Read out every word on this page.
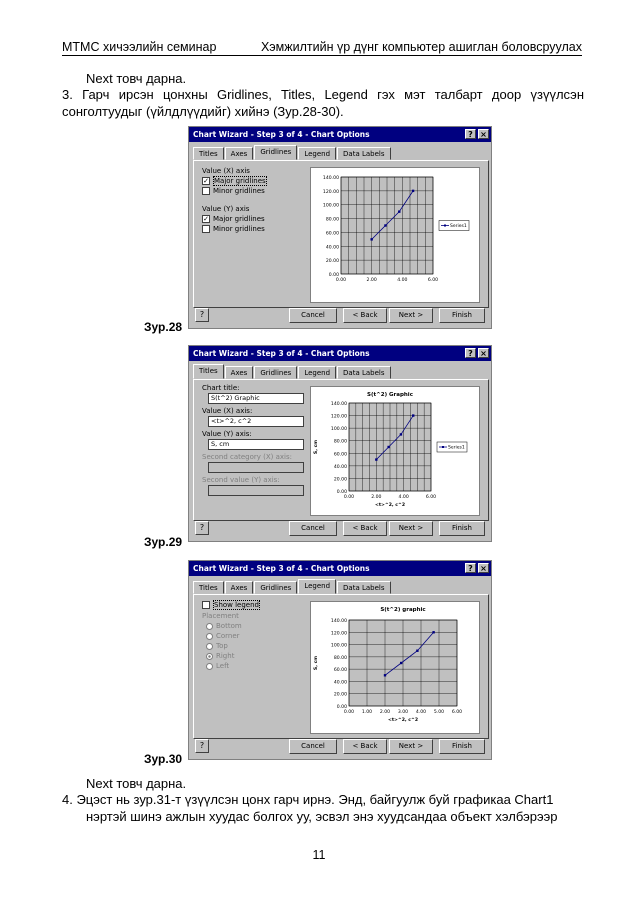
МТМС хичээлийн семинар	Хэмжилтийн үр дүнг компьютер ашиглан боловсруулах
Next товч дарна.
3. Гарч ирсэн цонхны Gridlines, Titles, Legend гэх мэт талбарт доор үзүүлсэн сонголтуудыг (үйлдлүүдийг) хийнэ (Зур.28-30).
Chart Wizard - Step 3 of 4 - Chart Options	? ×
Titles	Axes	Gridlines	Legend	Data Labels
Value (X) axis
✓ Major gridlines
Minor gridlines
Value (Y) axis
✓ Major gridlines
Minor gridlines
0.00
20.00
40.00
60.00
80.00
100.00
120.00
140.00
0.00	2.00	4.00	6.00
Series1
?	Cancel	< Back	Next >	Finish
Зур.28
Chart Wizard - Step 3 of 4 - Chart Options	? ×
Titles	Axes	Gridlines	Legend	Data Labels
Chart title:
S(t^2) Graphic
Value (X) axis:
<t>^2, c^2
Value (Y) axis:
S, cm
Second category (X) axis:
Second value (Y) axis:
0.00
20.00
40.00
60.00
80.00
100.00
120.00
140.00
0.00	2.00	4.00	6.00
S(t^2) Graphic
<t>^2, c^2
S, cm	Series1
?	Cancel	< Back	Next >	Finish
Зур.29
Chart Wizard - Step 3 of 4 - Chart Options	? ×
Titles	Axes	Gridlines	Legend	Data Labels
Show legend
Placement
Bottom
Corner
Top
Right
Left
0.00
20.00
40.00
60.00
80.00
100.00
120.00
140.00
0.00 1.00 2.00 3.00 4.00 5.00 6.00
S(t^2) graphic
<t>^2, c^2
S, cm
?	Cancel	< Back	Next >	Finish
Зур.30
Next товч дарна.
4. Эцэст нь зур.31-т үзүүлсэн цонх гарч ирнэ. Энд, байгуулж буй графикаа Chart1
нэртэй шинэ ажлын хуудас болгох уу, эсвэл энэ хуудсандаа объект хэлбэрээр
11
